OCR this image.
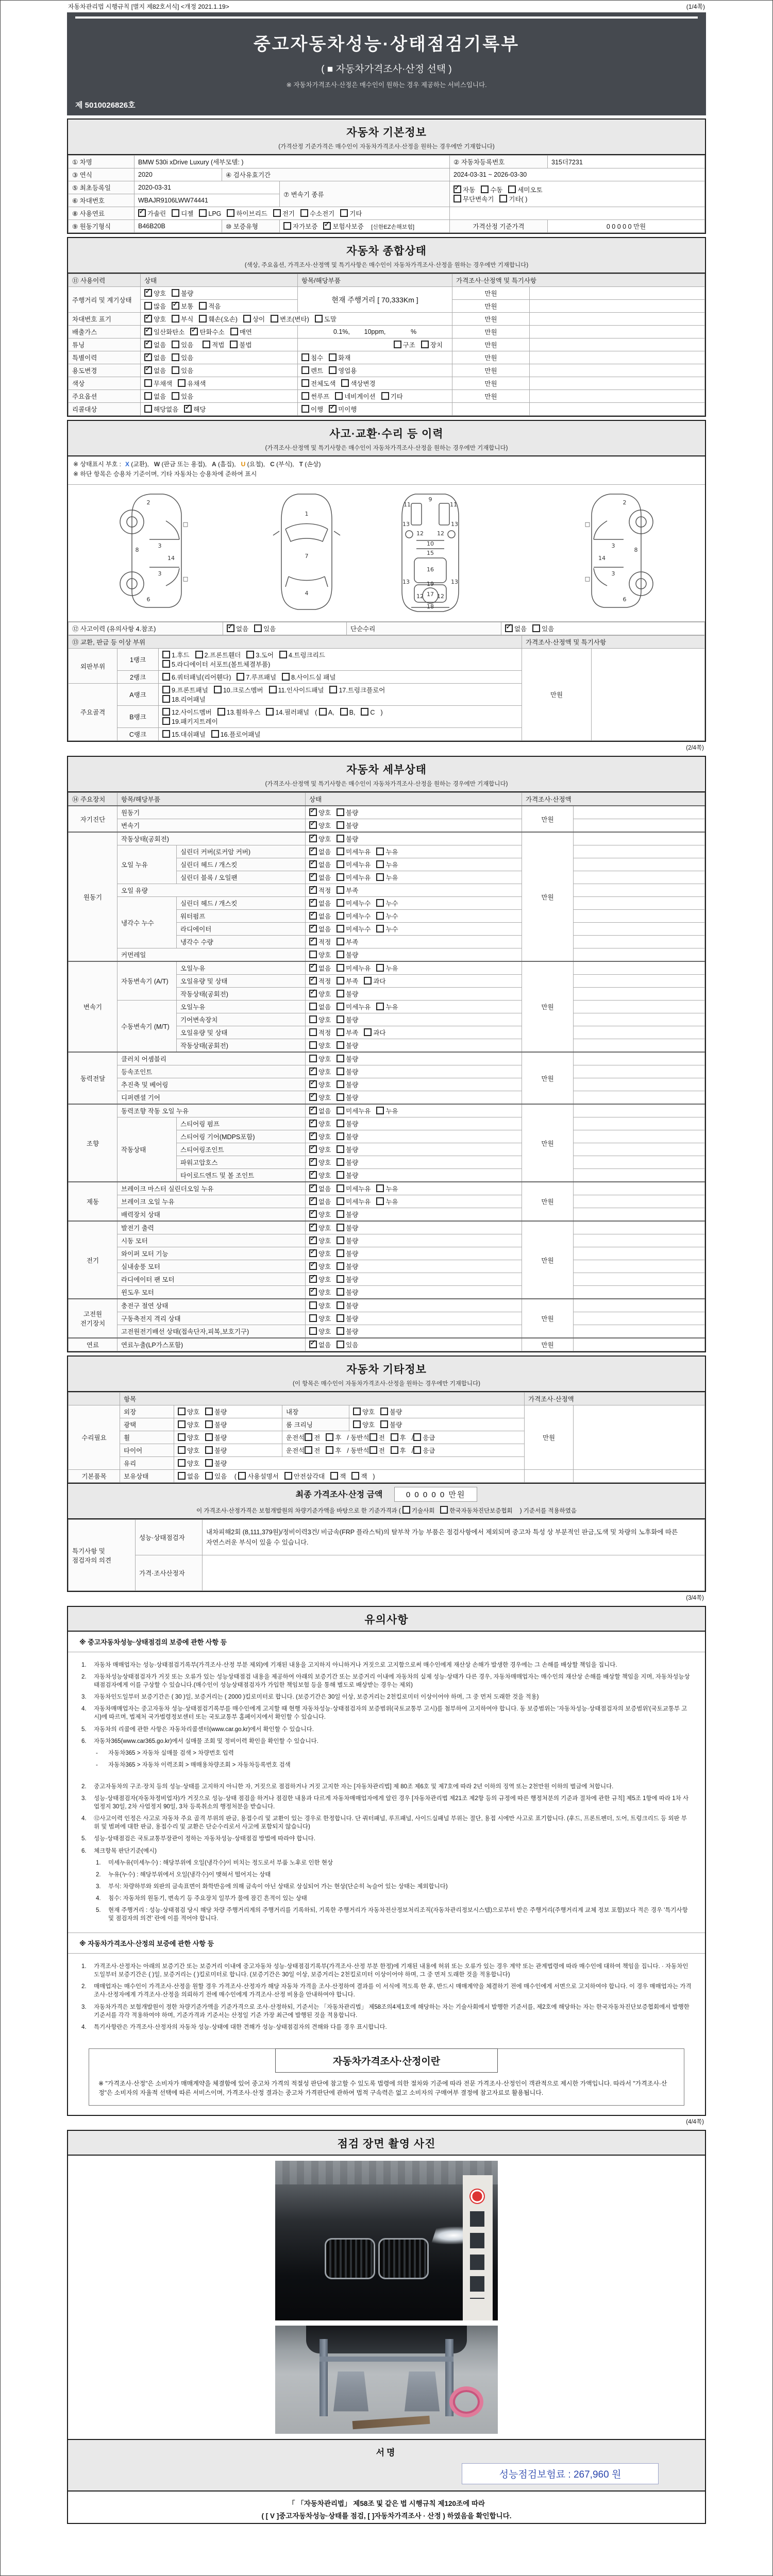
자동차관리법 시행규칙 [별지 제82호서식] <개정 2021.1.19>	(1/4쪽)
중고자동차성능·상태점검기록부
( ■ 자동차가격조사·산정 선택 )
※ 자동차가격조사·산정은 매수인이 원하는 경우 제공하는 서비스입니다.
제 5010026826호
자동차 기본정보
(가격산정 기준가격은 매수인이 자동차가격조사·산정을 원하는 경우에만 기재합니다)
① 차명	BMW 530i xDrive Luxury (세부모델: )			② 자동차등록번호	315더7231
③ 연식	2020	④ 검사유효기간		2024-03-31 ~ 2026-03-30	
⑤ 최초등록일	2020-03-31		⑦ 변속기 종류	✓자동 수동 세미오토
무단변속기 기타( )
⑥ 차대번호	WBAJR9106LWW74441				
⑧ 사용연료	✓가솔린 디젤 LPG 하이브리드 전기 수소전기 기타	
⑨ 원동기형식	B46B20B	⑩ 보증유형	자가보증 ✓ 보험사보증 [신한EZ손해보험]	가격산정 기준가격	0 0 0 0 0 만원
자동차 종합상태
(색상, 주요옵션, 가격조사·산정액 및 특기사항은 매수인이 자동차가격조사·산정을 원하는 경우에만 기재합니다)
⑪ 사용이력	상태	항목/해당부품	가격조사·산정액 및 특기사항	
주행거리 및 계기상태	✓양호 불량	현재 주행거리 [ 70,333Km ]	만원	
	많음 ✓ 보통 적음		만원	
차대번호 표기	✓양호 부식 훼손(오손) 상이 변조(변타) 도말		만원	
배출가스	✓일산화탄소 ✓ 탄화수소 매연	0.1%,        10ppm,              %	만원	
튜닝	✓없음 있음 적법 불법	구조 장치	만원	
특별이력	✓없음 있음	침수 화재	만원	
용도변경	✓없음 있음	렌트 영업용	만원	
색상	무채색 유채색	전체도색 색상변경	만원	
주요옵션	없음 있음	썬루프 네비게이션 기타	만원	
리콜대상	해당없음 ✓ 해당	이행 ✓ 미이행		
사고·교환·수리 등 이력
(가격조사·산정액 및 특기사항은 매수인이 자동차가격조사·산정을 원하는 경우에만 기재합니다)
※ 상태표시 부호 : X (교환), W (판금 또는 용접), A (흠집), U (요철), C (부식), T (손상)
※ 하단 항목은 승용차 기준이며, 기타 자동차는 승용차에 준하여 표시
2
8
3
14
3
6
□
□
1
7
4
9
11	11
13	13
12 12
10
15
16
13	13
19
12 12
17
18
2
8
3
14
3
6
□
□
⑫ 사고이력 (유의사항 4.참조)	✓없음 있음	단순수리	✓없음 있음
⑬ 교환, 판금 등 이상 부위			가격조사·산정액 및 특기사항	
외판부위	1랭크	1.후드 2.프론트휀더 3.도어 4.트렁크리드
5.라디에이터 서포트(볼트체결부품)	만원	
	2랭크	6.쿼터패널(리어휀다) 7.루프패널 8.사이드실 패널		
주요골격	A랭크	9.프론트패널 10.크로스멤버 11.인사이드패널 17.트렁크플로어
18.리어패널		
	B랭크	12.사이드멤버 13.휠하우스 14.필러패널 ( A, B, C )
19.패키지트레이		
	C랭크	15.대쉬패널 16.플로어패널		
(2/4쪽)
자동차 세부상태
(가격조사·산정액 및 특기사항은 매수인이 자동차가격조사·산정을 원하는 경우에만 기재합니다)
⑭ 주요장치	항목/해당부품		상태	가격조사·산정액	
자기진단	원동기	✓양호 불량	만원	
	변속기	✓양호 불량	
원동기	작동상태(공회전)	✓양호 불량	만원	
	오일 누유	실린더 커버(로커암 커버)	✓없음 미세누유 누유	
		실린더 헤드 / 개스킷	✓없음 미세누유 누유	
		실린더 블록 / 오일팬	✓없음 미세누유 누유	
	오일 유량	✓적정 부족	
	냉각수 누수	실린더 헤드 / 개스킷	✓없음 미세누수 누수	
		워터펌프	✓없음 미세누수 누수	
		라디에이터	✓없음 미세누수 누수	
		냉각수 수량	✓적정 부족	
	커먼레일		양호 불량		
변속기	자동변속기 (A/T)	오일누유	✓없음 미세누유 누유	만원	
		오일유량 및 상태	✓적정 부족 과다	
		작동상태(공회전)	✓양호 불량	
	수동변속기 (M/T)	오일누유	없음 미세누유 누유		
		기어변속장치	양호 불량		
		오일유량 및 상태	적정 부족 과다		
		작동상태(공회전)	양호 불량		
동력전달	클러치 어셈블리		양호 불량	만원	
	등속조인트	✓양호 불량	
	추진축 및 베어링	✓양호 불량	
	디퍼렌셜 기어	✓양호 불량	
조향	동력조향 작동 오일 누유	✓없음 미세누유 누유	만원	
	작동상태	스티어링 펌프	✓양호 불량	
		스티어링 기어(MDPS포함)	✓양호 불량	
		스티어링조인트	✓양호 불량	
		파워고압호스	✓양호 불량	
		타이로드엔드 및 볼 조인트	✓양호 불량	
제동	브레이크 마스터 실린더오일 누유	✓없음 미세누유 누유	만원	
	브레이크 오일 누유	✓없음 미세누유 누유	
	배력장치 상태	✓양호 불량	
전기	발전기 출력	✓양호 불량	만원	
	시동 모터	✓양호 불량	
	와이퍼 모터 기능	✓양호 불량	
	실내송풍 모터	✓양호 불량	
	라디에이터 팬 모터	✓양호 불량	
	윈도우 모터	✓양호 불량	
고전원 전기장치	충전구 절연 상태		양호 불량	만원	
	구동축전지 격리 상태		양호 불량		
	고전원전기배선 상태(접속단자,피복,보호기구)		양호 불량		
연료	연료누출(LP가스포함)	✓없음 있음	만원	
자동차 기타정보
(이 항목은 매수인이 자동차가격조사·산정을 원하는 경우에만 기재합니다)
	항목				가격조사·산정액	
수리필요	외장	양호 불량	내장	양호 불량	만원	
	광택	양호 불량	룸 크리닝	양호 불량		
	휠	양호 불량	운전석 전 후 / 동반석 전 후 / 응급			
	타이어	양호 불량	운전석 전 후 / 동반석 전 후 / 응급			
	유리	양호 불량				
기본품목	보유상태	없음 있음 ( 사용설명서 안전삼각대 잭 잭 )				
최종 가격조사·산정 금액	0 0 0 0 0 만원
이 가격조사·산정가격은 보험개발원의 차량기준가액을 바탕으로 한 기준가격과 ( 기술사회	한국자동차진단보증협회 ) 기준서를 적용하였음
특기사항 및 점검자의 의견	성능·상태점검자	내차피해2회 (8,111,379원)/정비이력3건/ 비금속(FRP 플라스틱)의 탈부착 가능 부품은 점검사항에서 제외되며 중고차 특성 상 부분적인 판금,도색 및 차량의 노후화에 따른 자연스러운 부식이 있을 수 있습니다.
	가격·조사산정자	
(3/4쪽)
유의사항
※ 중고자동차성능·상태점검의 보증에 관한 사항 등
1.	자동차 매매업자는 성능·상태점검기록부(가격조사·산정 부분 제외)에 기재된 내용을 고지하지 아니하거나 거짓으로 고지함으로써 매수인에게 재산상 손해가 발생한 경우에는 그 손해를 배상할 책임을 집니다.
2.	자동차성능상태점검자가 거짓 또는 오류가 있는 성능상태점검 내용을 제공하여 아래의 보증기간 또는 보증거리 이내에 자동차의 실제 성능·상태가 다른 경우, 자동차매매업자는 매수인의 재산상 손해를 배상할 책임을 지며, 자동차성능상태점검자에게 이를 구상할 수 있습니다.(매수인이 성능상태점검자가 가입한 책임보험 등을 통해 별도로 배상받는 경우는 제외)
3.	자동차인도일부터 보증기간은 ( 30 )일, 보증거리는 ( 2000 )킬로미터로 합니다. (보증기간은 30일 이상, 보증거리는 2천킬로미터 이상이어야 하며, 그 중 먼저 도래한 것을 적용)
4.	자동차매매업자는 중고자동차 성능·상태점검기록부를 매수인에게 고지할 때 현행 자동차성능·상태점검자의 보증범위(국토교통부 고시)를 첨부하여 고지하여야 합니다. 동 보증범위는 '자동차성능·상태점검자의 보증범위'(국토교통부 고시)에 따르며, 법제처 국가법령정보센터 또는 국토교통부 홈페이지에서 확인할 수 있습니다.
5.	자동차의 리콜에 관한 사항은 자동차리콜센터(www.car.go.kr)에서 확인할 수 있습니다.
6.	자동차365(www.car365.go.kr)에서 실매물 조회 및 정비이력 확인을 확인할 수 있습니다.
-	자동차365 > 자동차 실매물 검색 > 차량번호 입력
-	자동차365 > 자동차 이력조회 > 매매용차량조회 > 자동차등록번호 검색
2.	중고자동차의 구조·장치 등의 성능·상태를 고지하지 아니한 자, 거짓으로 점검하거나 거짓 고지한 자는 [자동차관리법] 제 80조 제6호 및 제7호에 따라 2년 이하의 징역 또는 2천만원 이하의 벌금에 처합니다.
3.	성능·상태점검자(자동차정비업자)가 거짓으로 성능·상태 점검을 하거나 점검한 내용과 다르게 자동차매매업자에게 알린 경우 [자동차관리법 제21조 제2항 등의 규정에 따른 행정처분의 기준과 절차에 관한 규칙] 제5조 1항에 따라 1차 사업정지 30일, 2차 사업정지 90일, 3차 등록취소의 행정처분을 받습니다.
4.	⑫사고이력 인정은 사고로 자동차 주요 골격 부위의 판금, 용접수리 및 교환이 있는 경우로 한정합니다. 단 쿼터패널, 루프패널, 사이드실패널 부위는 절단, 용접 시에만 사고로 표기합니다. (후드, 프론트펜더, 도어, 트렁크리드 등 외판 부위 및 범퍼에 대한 판금, 용접수리 및 교환은 단순수리로서 사고에 포함되지 않습니다)
5.	성능·상태점검은 국토교통부장관이 정하는 자동차성능·상태점검 방법에 따라야 합니다.
6.	체크항목 판단기준(예시)
1.	미세누유(미세누수) : 해당부위에 오일(냉각수)이 비치는 정도로서 부품 노후로 인한 현상
2.	누유(누수) : 해당부위에서 오일(냉각수)이 맺혀서 떨어지는 상태
3.	부식: 차량하부와 외판의 금속표면이 화학반응에 의해 금속이 아닌 상태로 상실되어 가는 현상(단순히 녹슬어 있는 상태는 제외합니다)
4.	침수: 자동차의 원동기, 변속기 등 주요장치 일부가 물에 잠긴 흔적이 있는 상태
5.	현재 주행거리 : 성능·상태점검 당시 해당 차량 주행거리계의 주행거리를 기록하되, 기록한 주행거리가 자동차전산정보처리조직(자동차관리정보시스템)으로부터 받은 주행거리(주행거리계 교체 정보 포함)보다 적은 경우 '특기사항 및 점검자의 의견' 란에 이를 적어야 합니다.
※ 자동차가격조사·산정의 보증에 관한 사항 등
1.	가격조사·산정자는 아래의 보증기간 또는 보증거리 이내에 중고자동차 성능·상태점검기록부(가격조사·산정 부분 한정)에 기재된 내용에 허위 또는 오류가 있는 경우 계약 또는 관계법령에 따라 매수인에 대하여 책임을 집니다. · 자동차인도일부터 보증기간은 ( )일, 보증거리는 ( )킬로미터로 합니다. (보증기간은 30일 이상, 보증거리는 2천킬로미터 이상이어야 하며, 그 중 먼저 도래한 것을 적용합니다)
2.	매매업자는 매수인이 가격조사·산정을 원할 경우 가격조사·산정자가 해당 자동차 가격을 조사·산정하여 결과를 이 서식에 적도록 한 후, 반드시 매매계약을 체결하기 전에 매수인에게 서면으로 고지하여야 합니다. 이 경우 매매업자는 가격조사·산정자에게 가격조사·산정을 의뢰하기 전에 매수인에게 가격조사·산정 비용을 안내하여야 합니다.
3.	자동차가격은 보험개발원이 정한 차량기준가액을 기준가격으로 조사·산정하되, 기준서는 「자동차관리법」 제58조의4제1호에 해당하는 자는 기술사회에서 발행한 기준서를, 제2호에 해당하는 자는 한국자동차진단보증협회에서 발행한 기준서를 각각 적용하여야 하며, 기준가격과 기준서는 산정일 기준 가장 최근에 발행된 것을 적용합니다.
4.	특기사항란은 가격조사·산정자의 자동차 성능·상태에 대한 견해가 성능·상태점검자의 견해와 다를 경우 표시합니다.
자동차가격조사·산정이란
※ "가격조사·산정"은 소비자가 매매계약을 체결함에 있어 중고차 가격의 적절성 판단에 참고할 수 있도록 법령에 의한 절차와 기준에 따라 전문 가격조사·산정인이 객관적으로 제시한 가액입니다. 따라서 "가격조사·산정"은 소비자의 자율적 선택에 따른 서비스이며, 가격조사·산정 결과는 중고차 가격판단에 관하여 법적 구속력은 없고 소비자의 구매여부 결정에 참고자료로 활용됩니다.
(4/4쪽)
점검 장면 촬영 사진
서명
성능점검보험료 : 267,960 원
「 「자동차관리법」 제58조 및 같은 법 시행규칙 제120조에 따라
( [ V ]중고자동차성능·상태를 점검, [ ]자동차가격조사 · 산정 ) 하였음을 확인합니다.
